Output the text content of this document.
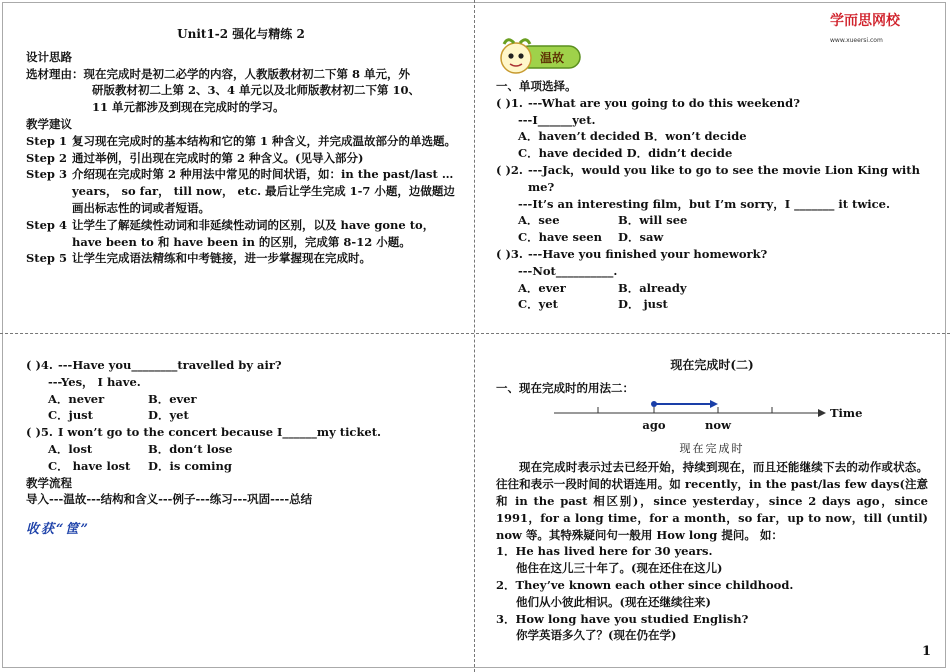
学而思网校 www.xueersi.com
Unit1-2 强化与精练 2
设计思路
选材理由：现在完成时是初二必学的内容，人教版教材初二下第 8 单元，外
研版教材初二上第 2、3、4 单元以及北师版教材初二下第 10、
11 单元都涉及到现在完成时的学习。
教学建议
Step 1 复习现在完成时的基本结构和它的第 1 种含义，并完成温故部分的单选题。
Step 2 通过举例，引出现在完成时的第 2 种含义。(见导入部分)
Step 3 介绍现在完成时第 2 种用法中常见的时间状语，如：in the past/last … years， so far， till now， etc. 最后让学生完成 1-7 小题，边做题边画出标志性的词或者短语。
Step 4 让学生了解延续性动词和非延续性动词的区别，以及 have gone to，have been to 和 have been in 的区别，完成第 8-12 小题。
Step 5 让学生完成语法精练和中考链接，进一步掌握现在完成时。
温故
一、单项选择。
( )1. ---What are you going to do this weekend?
---I______yet.
A．haven’t decided B．won’t decide
C．have decided D．didn’t decide
( )2. ---Jack，would you like to go to see the movie Lion King with me?
---It’s an interesting film，but I’m sorry，I _______ it twice.
A．see	B．will see
C．have seen D．saw
( )3. ---Have you finished your homework?
---Not__________.
A．ever	B．already
C．yet	D． just
( )4. ---Have you________travelled by air?
---Yes， I have.
A．never	B．ever
C．just	D．yet
( )5. I won’t go to the concert because I______my ticket.
A．lost	B．don‘t lose
C． have lost D．is coming
教学流程
导入---温故---结构和含义---例子---练习---巩固----总结
收获“筐”
现在完成时(二)
一、现在完成时的用法二：
ago	now
Time
现在完成时
现在完成时表示过去已经开始，持续到现在，而且还能继续下去的动作或状态。往往和表示一段时间的状语连用。如 recently，in the past/las few days(注意和 in the past 相区别)，since yesterday，since 2 days ago，since 1991，for a long time，for a month，so far，up to now，till (until) now 等。其特殊疑问句一般用 How long 提问。 如：
1．He has lived here for 30 years.
他住在这儿三十年了。(现在还住在这儿)
2．They’ve known each other since childhood.
他们从小彼此相识。(现在还继续往来)
3．How long have you studied English?
你学英语多久了？(现在仍在学)
1
